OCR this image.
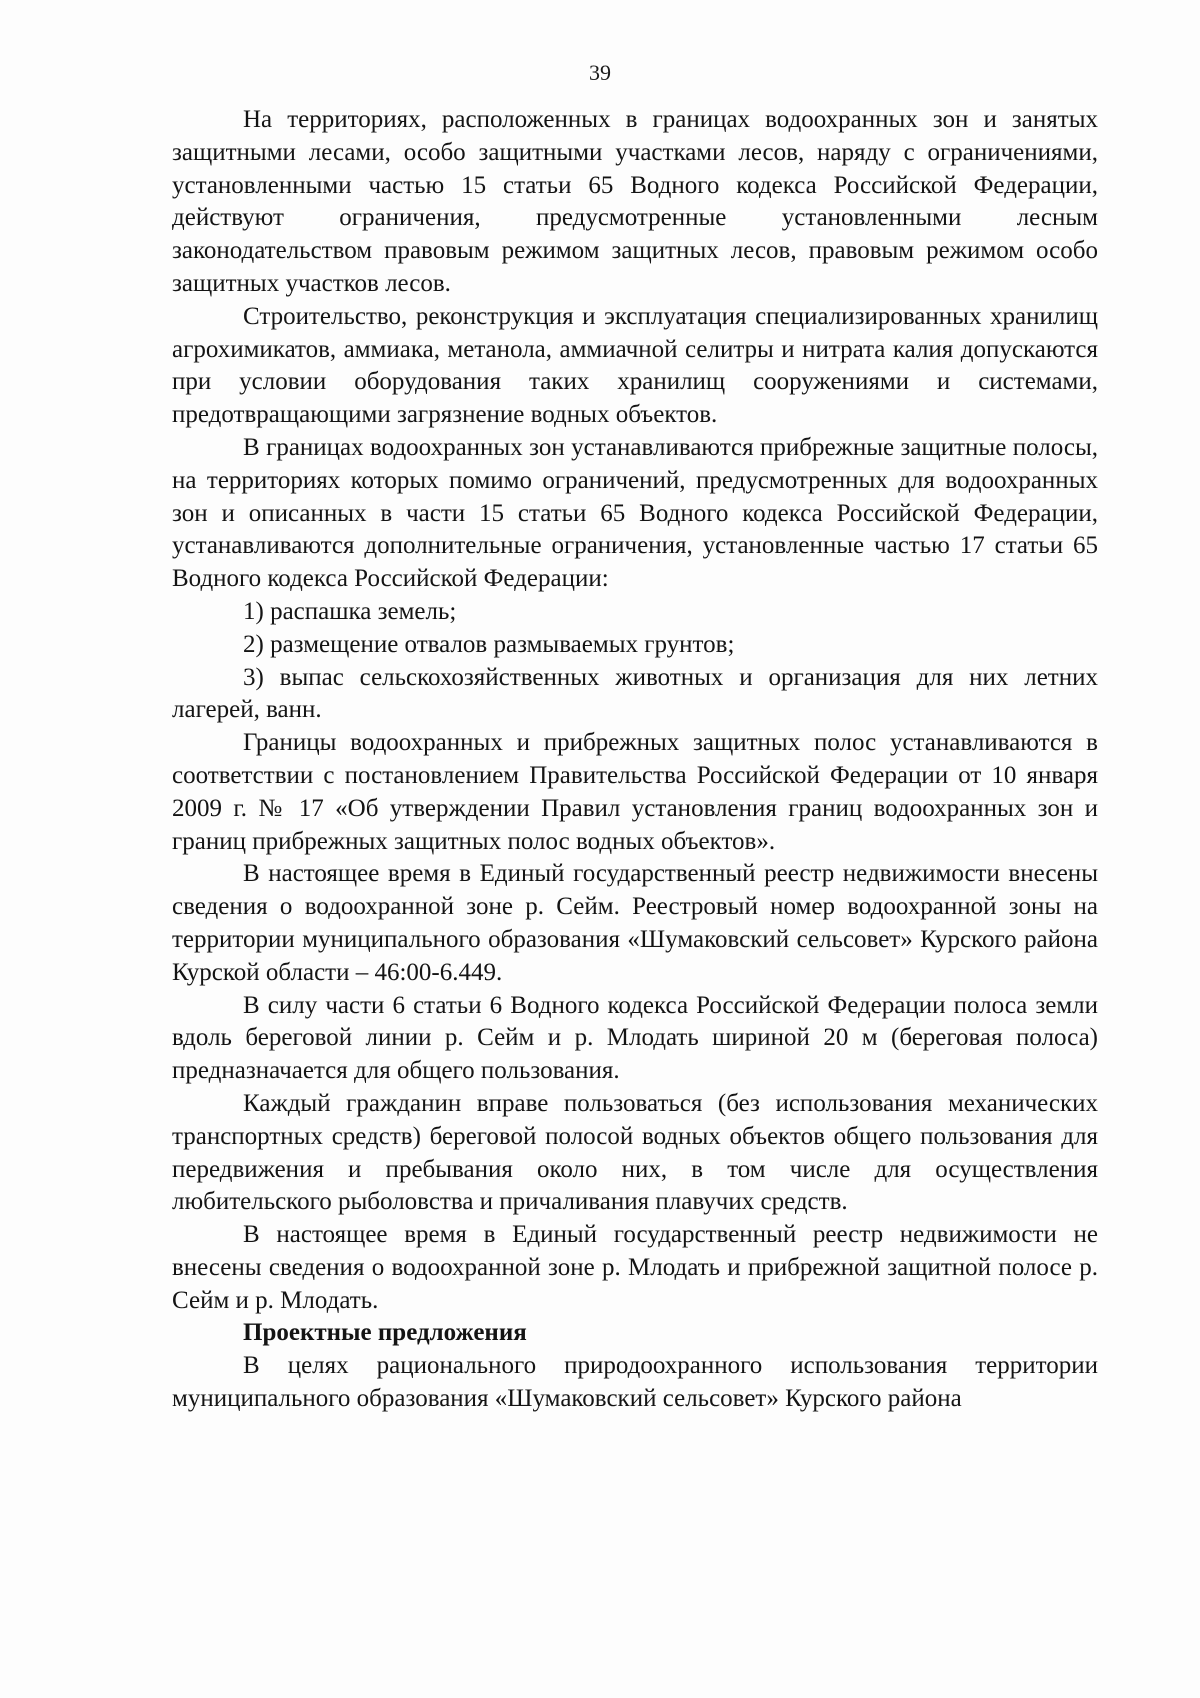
39

На территориях, расположенных в границах водоохранных зон и занятых защитными лесами, особо защитными участками лесов, наряду с ограничениями, установленными частью 15 статьи 65 Водного кодекса Российской Федерации, действуют ограничения, предусмотренные установленными лесным законодательством правовым режимом защитных лесов, правовым режимом особо защитных участков лесов.

Строительство, реконструкция и эксплуатация специализированных хранилищ агрохимикатов, аммиака, метанола, аммиачной селитры и нитрата калия допускаются при условии оборудования таких хранилищ сооружениями и системами, предотвращающими загрязнение водных объектов.

В границах водоохранных зон устанавливаются прибрежные защитные полосы, на территориях которых помимо ограничений, предусмотренных для водоохранных зон и описанных в части 15 статьи 65 Водного кодекса Российской Федерации, устанавливаются дополнительные ограничения, установленные частью 17 статьи 65 Водного кодекса Российской Федерации:

1) распашка земель;

2) размещение отвалов размываемых грунтов;

3) выпас сельскохозяйственных животных и организация для них летних лагерей, ванн.

Границы водоохранных и прибрежных защитных полос устанавливаются в соответствии с постановлением Правительства Российской Федерации от 10 января 2009 г. № 17 «Об утверждении Правил установления границ водоохранных зон и границ прибрежных защитных полос водных объектов».

В настоящее время в Единый государственный реестр недвижимости внесены сведения о водоохранной зоне р. Сейм. Реестровый номер водоохранной зоны на территории муниципального образования «Шумаковский сельсовет» Курского района Курской области – 46:00-6.449.

В силу части 6 статьи 6 Водного кодекса Российской Федерации полоса земли вдоль береговой линии р. Сейм и р. Млодать шириной 20 м (береговая полоса) предназначается для общего пользования.

Каждый гражданин вправе пользоваться (без использования механических транспортных средств) береговой полосой водных объектов общего пользования для передвижения и пребывания около них, в том числе для осуществления любительского рыболовства и причаливания плавучих средств.

В настоящее время в Единый государственный реестр недвижимости не внесены сведения о водоохранной зоне р. Млодать и прибрежной защитной полосе р. Сейм и р. Млодать.

Проектные предложения

В целях рационального природоохранного использования территории муниципального образования «Шумаковский сельсовет» Курского района
